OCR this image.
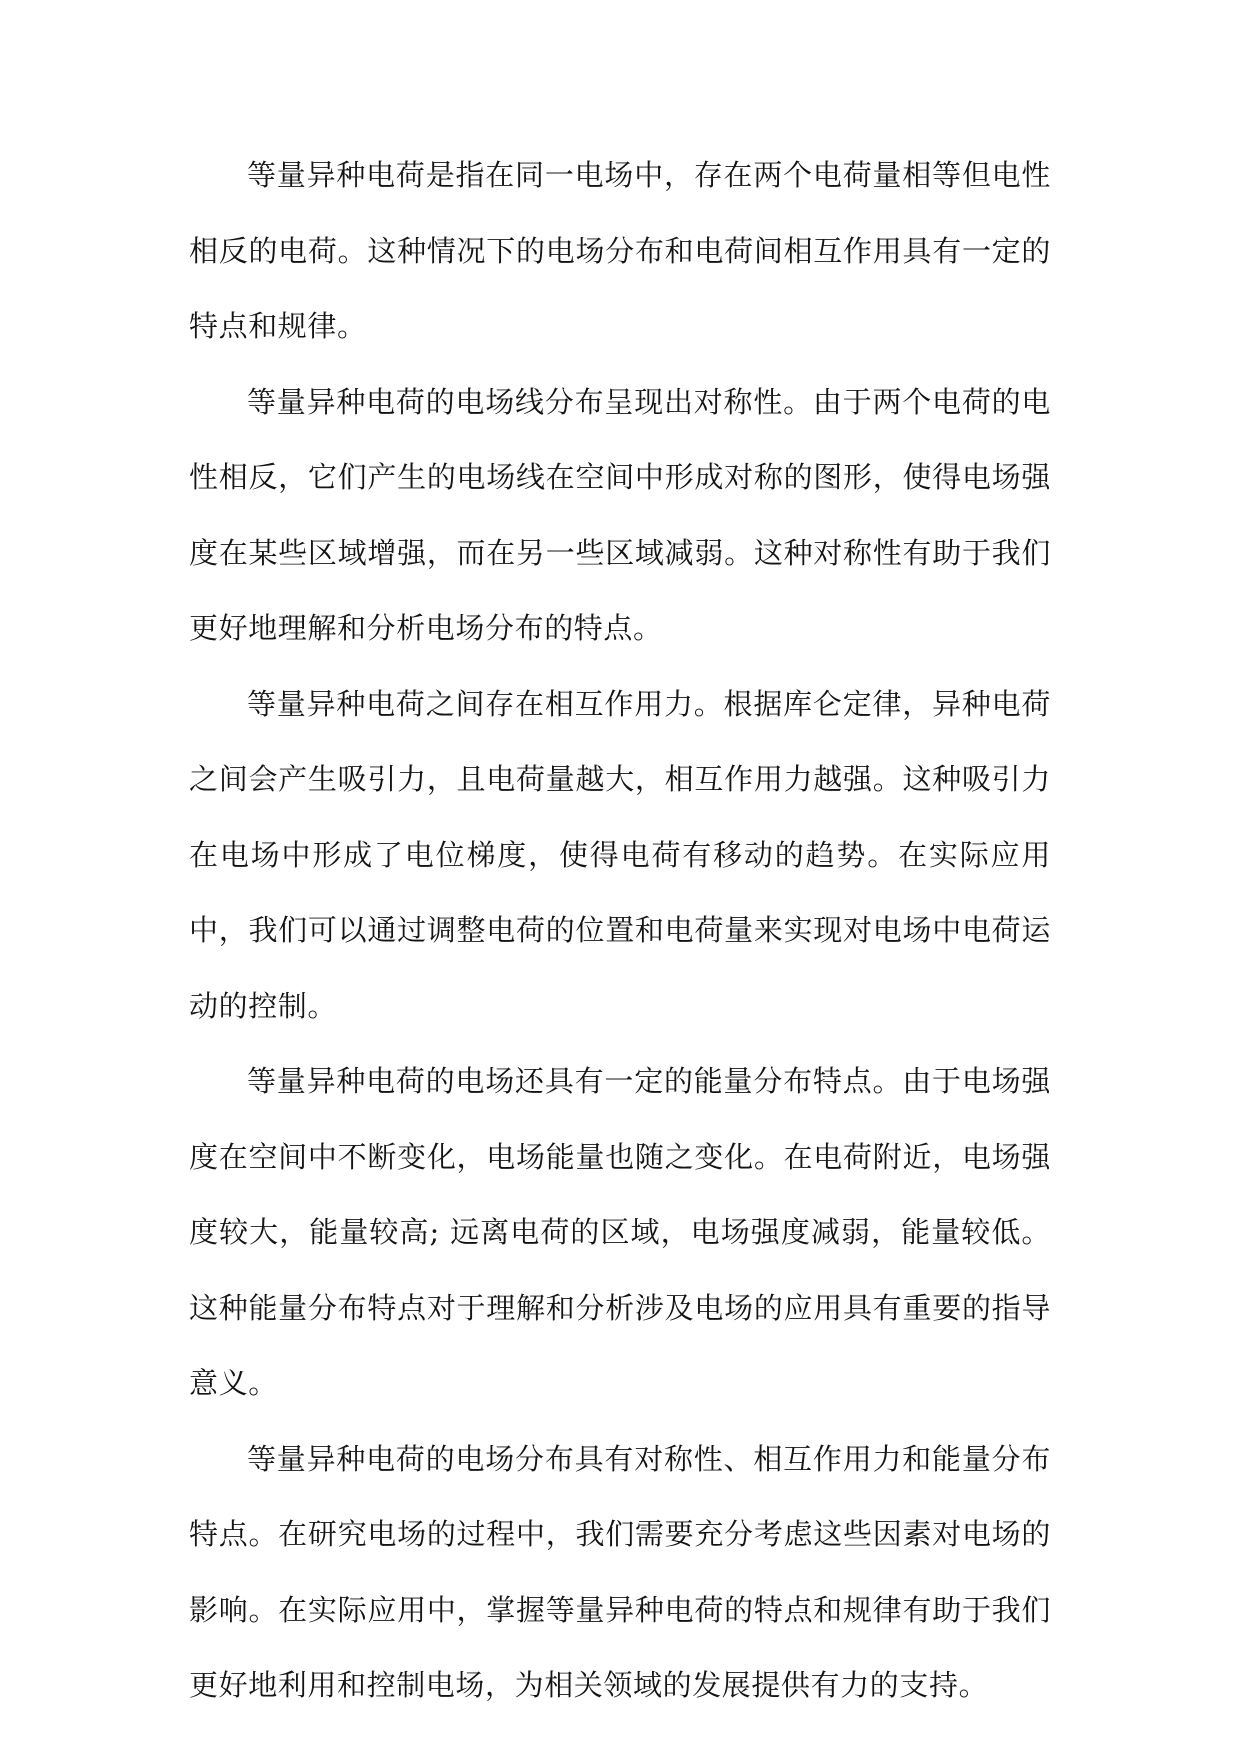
等量异种电荷是指在同一电场中，存在两个电荷量相等但电性相反的电荷。这种情况下的电场分布和电荷间相互作用具有一定的特点和规律。

等量异种电荷的电场线分布呈现出对称性。由于两个电荷的电性相反，它们产生的电场线在空间中形成对称的图形，使得电场强度在某些区域增强，而在另一些区域减弱。这种对称性有助于我们更好地理解和分析电场分布的特点。

等量异种电荷之间存在相互作用力。根据库仑定律，异种电荷之间会产生吸引力，且电荷量越大，相互作用力越强。这种吸引力在电场中形成了电位梯度，使得电荷有移动的趋势。在实际应用中，我们可以通过调整电荷的位置和电荷量来实现对电场中电荷运动的控制。

等量异种电荷的电场还具有一定的能量分布特点。由于电场强度在空间中不断变化，电场能量也随之变化。在电荷附近，电场强度较大，能量较高; 远离电荷的区域，电场强度减弱，能量较低。这种能量分布特点对于理解和分析涉及电场的应用具有重要的指导意义。

等量异种电荷的电场分布具有对称性、相互作用力和能量分布特点。在研究电场的过程中，我们需要充分考虑这些因素对电场的影响。在实际应用中，掌握等量异种电荷的特点和规律有助于我们更好地利用和控制电场，为相关领域的发展提供有力的支持。
